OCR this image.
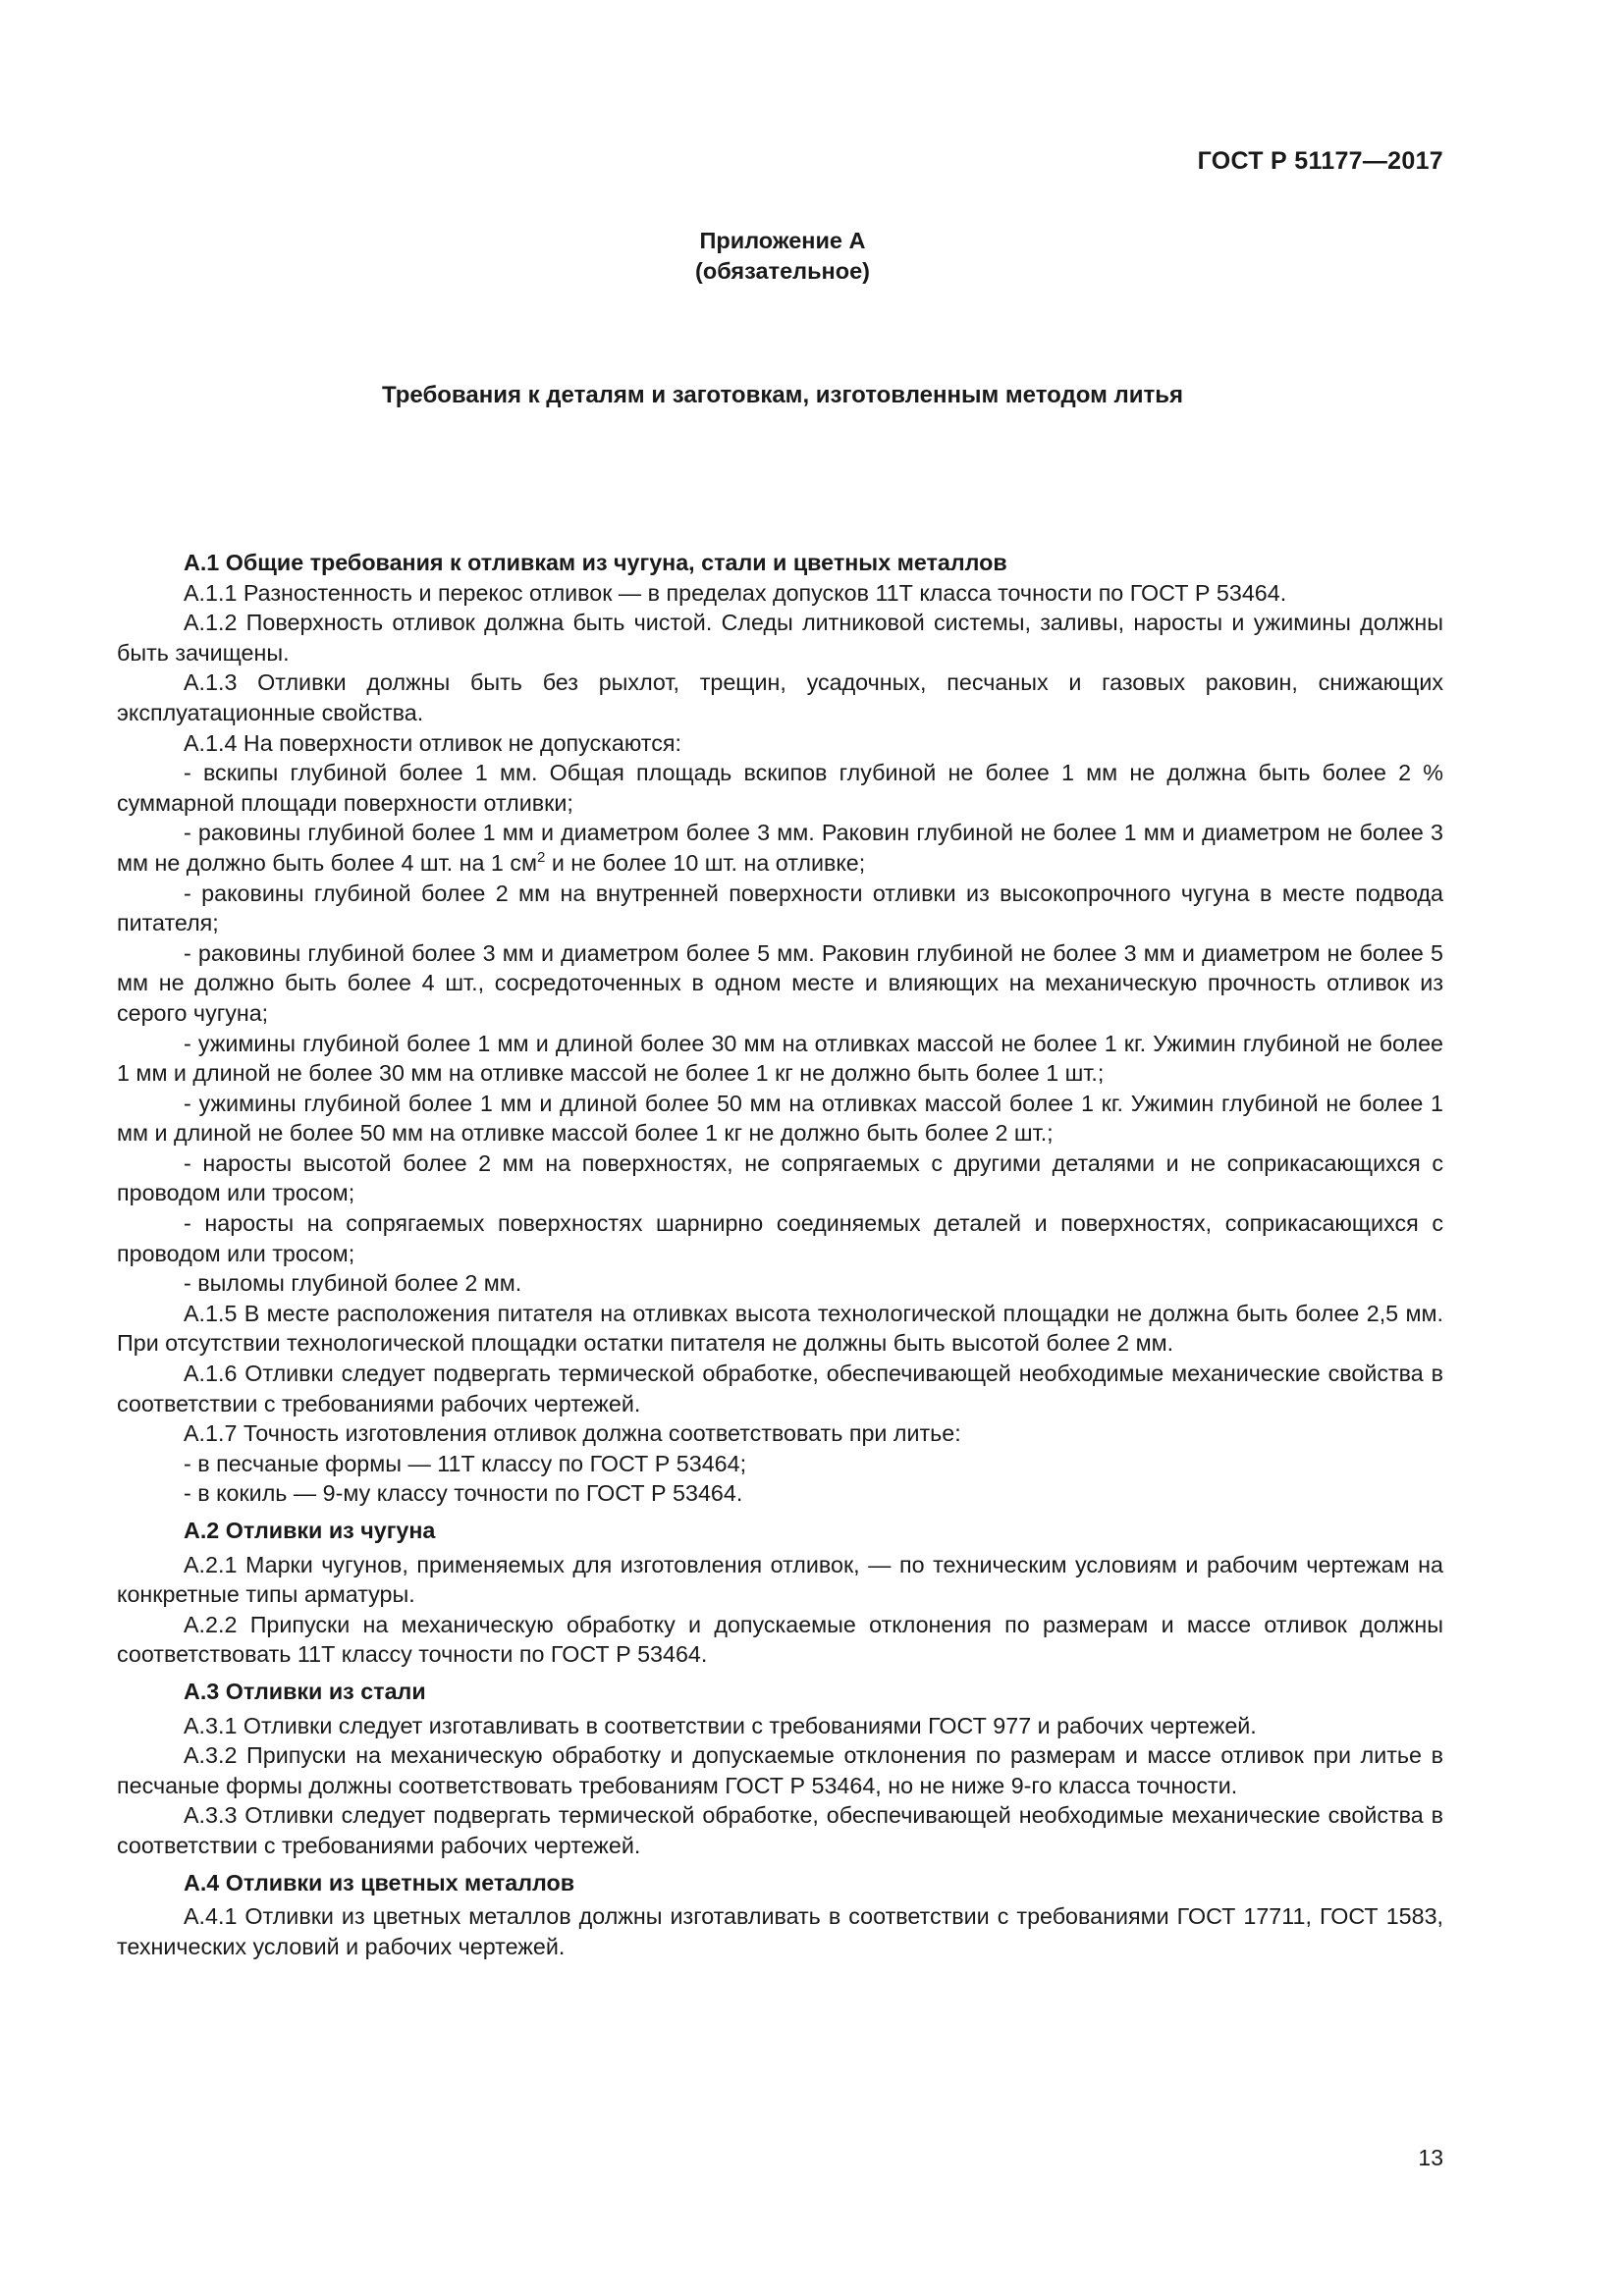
ГОСТ Р 51177—2017
Приложение А
(обязательное)
Требования к деталям и заготовкам, изготовленным методом литья
А.1 Общие требования к отливкам из чугуна, стали и цветных металлов

А.1.1 Разностенность и перекос отливок — в пределах допусков 11Т класса точности по ГОСТ Р 53464.

А.1.2 Поверхность отливок должна быть чистой. Следы литниковой системы, заливы, наросты и ужимины должны быть зачищены.

А.1.3 Отливки должны быть без рыхлот, трещин, усадочных, песчаных и газовых раковин, снижающих эксплуатационные свойства.

А.1.4 На поверхности отливок не допускаются:

- вскипы глубиной более 1 мм. Общая площадь вскипов глубиной не более 1 мм не должна быть более 2 % суммарной площади поверхности отливки;

- раковины глубиной более 1 мм и диаметром более 3 мм. Раковин глубиной не более 1 мм и диаметром не более 3 мм не должно быть более 4 шт. на 1 $см^2$ и не более 10 шт. на отливке;

- раковины глубиной более 2 мм на внутренней поверхности отливки из высокопрочного чугуна в месте подвода питателя;

- раковины глубиной более 3 мм и диаметром более 5 мм. Раковин глубиной не более 3 мм и диаметром не более 5 мм не должно быть более 4 шт., сосредоточенных в одном месте и влияющих на механическую прочность отливок из серого чугуна;

- ужимины глубиной более 1 мм и длиной более 30 мм на отливках массой не более 1 кг. Ужимин глубиной не более 1 мм и длиной не более 30 мм на отливке массой не более 1 кг не должно быть более 1 шт.;

- ужимины глубиной более 1 мм и длиной более 50 мм на отливках массой более 1 кг. Ужимин глубиной не более 1 мм и длиной не более 50 мм на отливке массой более 1 кг не должно быть более 2 шт.;

- наросты высотой более 2 мм на поверхностях, не сопрягаемых с другими деталями и не соприкасающихся с проводом или тросом;

- наросты на сопрягаемых поверхностях шарнирно соединяемых деталей и поверхностях, соприкасающихся с проводом или тросом;

- выломы глубиной более 2 мм.

А.1.5 В месте расположения питателя на отливках высота технологической площадки не должна быть более 2,5 мм. При отсутствии технологической площадки остатки питателя не должны быть высотой более 2 мм.

А.1.6 Отливки следует подвергать термической обработке, обеспечивающей необходимые механические свойства в соответствии с требованиями рабочих чертежей.

А.1.7 Точность изготовления отливок должна соответствовать при литье:

- в песчаные формы — 11Т классу по ГОСТ Р 53464;

- в кокиль — 9-му классу точности по ГОСТ Р 53464.

А.2 Отливки из чугуна

А.2.1 Марки чугунов, применяемых для изготовления отливок, — по техническим условиям и рабочим чертежам на конкретные типы арматуры.

А.2.2 Припуски на механическую обработку и допускаемые отклонения по размерам и массе отливок должны соответствовать 11Т классу точности по ГОСТ Р 53464.

А.3 Отливки из стали

А.3.1 Отливки следует изготавливать в соответствии с требованиями ГОСТ 977 и рабочих чертежей.

А.3.2 Припуски на механическую обработку и допускаемые отклонения по размерам и массе отливок при литье в песчаные формы должны соответствовать требованиям ГОСТ Р 53464, но не ниже 9-го класса точности.

А.3.3 Отливки следует подвергать термической обработке, обеспечивающей необходимые механические свойства в соответствии с требованиями рабочих чертежей.

А.4 Отливки из цветных металлов

А.4.1 Отливки из цветных металлов должны изготавливать в соответствии с требованиями ГОСТ 17711, ГОСТ 1583, технических условий и рабочих чертежей.

13
